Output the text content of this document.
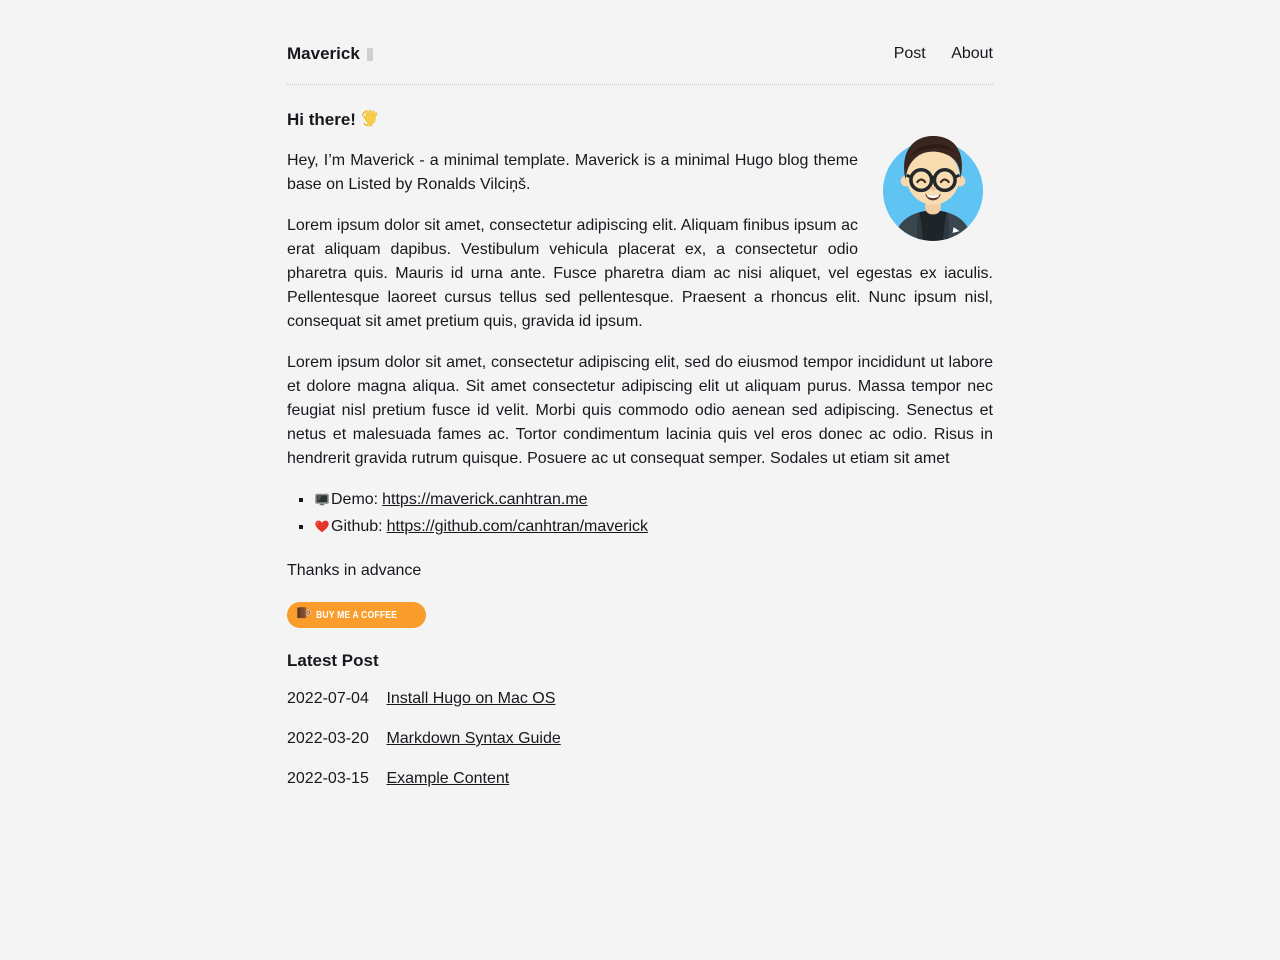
Maverick	Post About
Hi there!

Hey, I’m Maverick - a minimal template. Maverick is a minimal Hugo blog theme base on Listed by Ronalds Vilciņš.

Lorem ipsum dolor sit amet, consectetur adipiscing elit. Aliquam finibus ipsum ac erat aliquam dapibus. Vestibulum vehicula placerat ex, a consectetur odio pharetra quis. Mauris id urna ante. Fusce pharetra diam ac nisi aliquet, vel egestas ex iaculis. Pellentesque laoreet cursus tellus sed pellentesque. Praesent a rhoncus elit. Nunc ipsum nisl, consequat sit amet pretium quis, gravida id ipsum.

Lorem ipsum dolor sit amet, consectetur adipiscing elit, sed do eiusmod tempor incididunt ut labore et dolore magna aliqua. Sit amet consectetur adipiscing elit ut aliquam purus. Massa tempor nec feugiat nisl pretium fusce id velit. Morbi quis commodo odio aenean sed adipiscing. Senectus et netus et malesuada fames ac. Tortor condimentum lacinia quis vel eros donec ac odio. Risus in hendrerit gravida rutrum quisque. Posuere ac ut consequat semper. Sodales ut etiam sit amet

▪ Demo: https://maverick.canhtran.me
▪ Github: https://github.com/canhtran/maverick

Thanks in advance

BUY ME A COFFEE
Latest Post
2022-07-04 Install Hugo on Mac OS
2022-03-20 Markdown Syntax Guide
2022-03-15 Example Content
